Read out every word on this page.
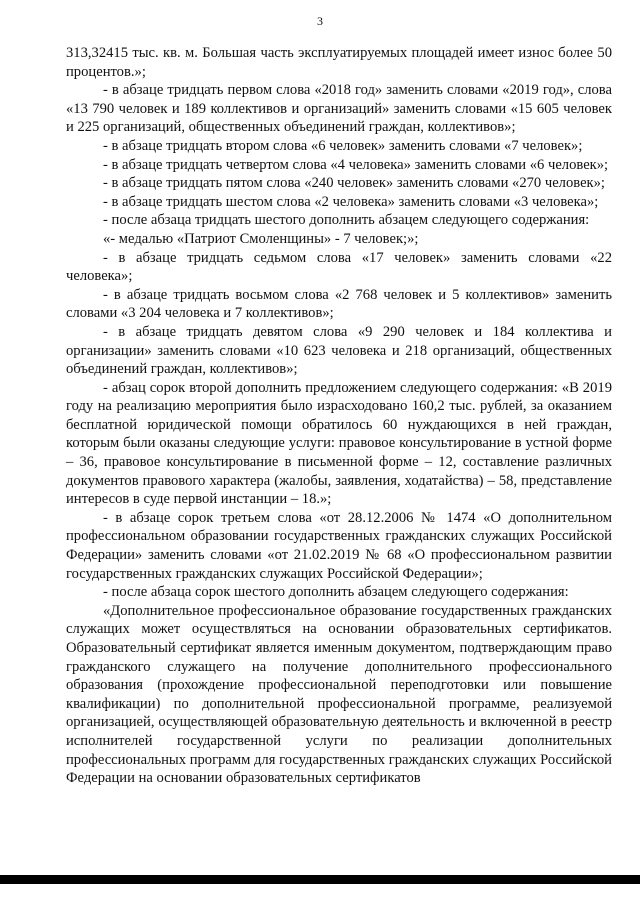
3

313,32415 тыс. кв. м. Большая часть эксплуатируемых площадей имеет износ более 50 процентов.»;

- в абзаце тридцать первом слова «2018 год» заменить словами «2019 год», слова «13 790 человек и 189 коллективов и организаций» заменить словами «15 605 человек и 225 организаций, общественных объединений граждан, коллективов»;

- в абзаце тридцать втором слова «6 человек» заменить словами «7 человек»;

- в абзаце тридцать четвертом слова «4 человека» заменить словами «6 человек»;

- в абзаце тридцать пятом слова «240 человек» заменить словами «270 человек»;

- в абзаце тридцать шестом слова «2 человека» заменить словами «3 человека»;

- после абзаца тридцать шестого дополнить абзацем следующего содержания:

«- медалью «Патриот Смоленщины» - 7 человек;»;

- в абзаце тридцать седьмом слова «17 человек» заменить словами «22 человека»;

- в абзаце тридцать восьмом слова «2 768 человек и 5 коллективов» заменить словами «3 204 человека и 7 коллективов»;

- в абзаце тридцать девятом слова «9 290 человек и 184 коллектива и организации» заменить словами «10 623 человека и 218 организаций, общественных объединений граждан, коллективов»;

- абзац сорок второй дополнить предложением следующего содержания: «В 2019 году на реализацию мероприятия было израсходовано 160,2 тыс. рублей, за оказанием бесплатной юридической помощи обратилось 60 нуждающихся в ней граждан, которым были оказаны следующие услуги: правовое консультирование в устной форме – 36, правовое консультирование в письменной форме – 12, составление различных документов правового характера (жалобы, заявления, ходатайства) – 58, представление интересов в суде первой инстанции – 18.»;

- в абзаце сорок третьем слова «от 28.12.2006 № 1474 «О дополнительном профессиональном образовании государственных гражданских служащих Российской Федерации» заменить словами «от 21.02.2019 № 68 «О профессиональном развитии государственных гражданских служащих Российской Федерации»;

- после абзаца сорок шестого дополнить абзацем следующего содержания:

«Дополнительное профессиональное образование государственных гражданских служащих может осуществляться на основании образовательных сертификатов. Образовательный сертификат является именным документом, подтверждающим право гражданского служащего на получение дополнительного профессионального образования (прохождение профессиональной переподготовки или повышение квалификации) по дополнительной профессиональной программе, реализуемой организацией, осуществляющей образовательную деятельность и включенной в реестр исполнителей государственной услуги по реализации дополнительных профессиональных программ для государственных гражданских служащих Российской Федерации на основании образовательных сертификатов
